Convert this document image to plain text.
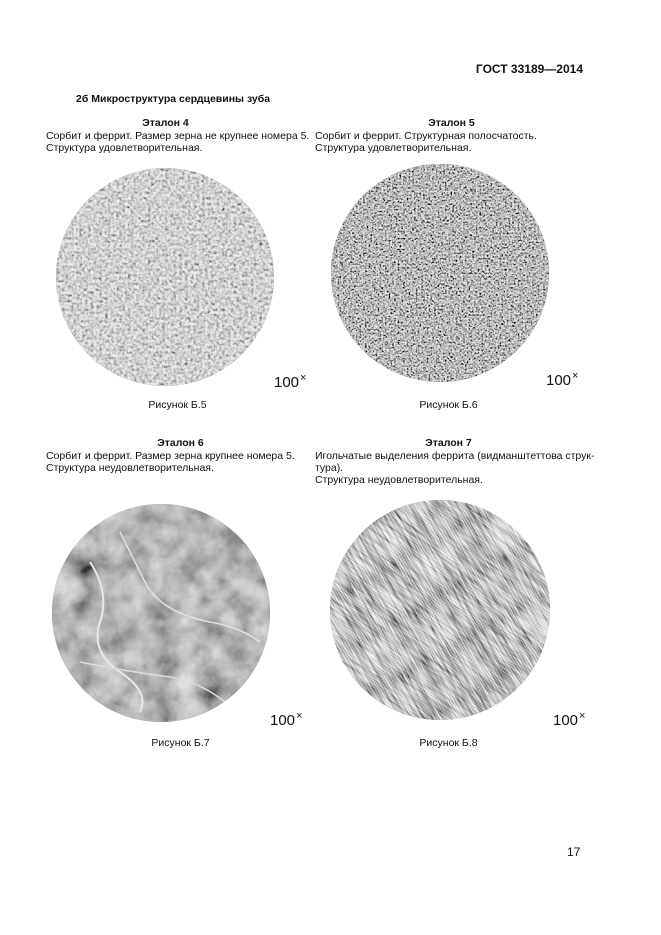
ГОСТ 33189—2014
2б Микроструктура сердцевины зуба
Эталон 4
Сорбит и феррит. Размер зерна не крупнее номера 5.
Структура удовлетворительная.
100×
Рисунок Б.5
Эталон 5
Сорбит и феррит. Структурная полосчатость.
Структура удовлетворительная.
100×
Рисунок Б.6
Эталон 6
Сорбит и феррит. Размер зерна крупнее номера 5.
Структура неудовлетворительная.
100×
Рисунок Б.7
Эталон 7
Игольчатые выделения феррита (видманштеттова струк-
тура).
Структура неудовлетворительная.
100×
Рисунок Б.8
17
